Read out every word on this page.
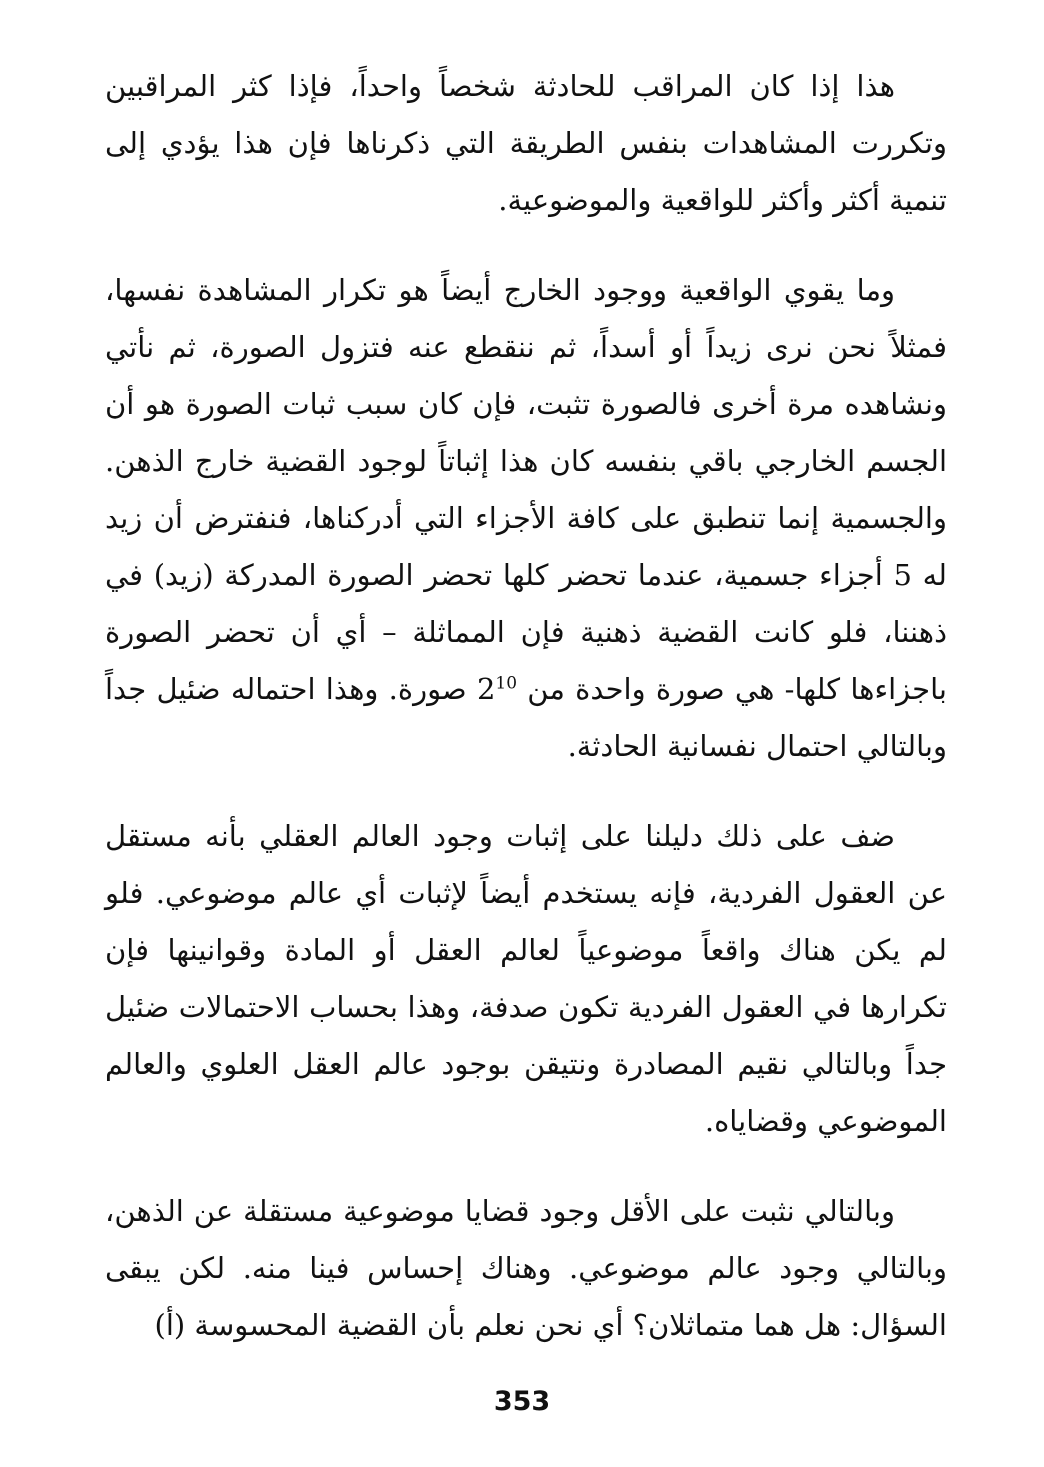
هذا إذا كان المراقب للحادثة شخصاً واحداً، فإذا كثر المراقبين وتكررت المشاهدات بنفس الطريقة التي ذكرناها فإن هذا يؤدي إلى تنمية أكثر وأكثر للواقعية والموضوعية.

وما يقوي الواقعية ووجود الخارج أيضاً هو تكرار المشاهدة نفسها، فمثلاً نحن نرى زيداً أو أسداً، ثم ننقطع عنه فتزول الصورة، ثم نأتي ونشاهده مرة أخرى فالصورة تثبت، فإن كان سبب ثبات الصورة هو أن الجسم الخارجي باقي بنفسه كان هذا إثباتاً لوجود القضية خارج الذهن. والجسمية إنما تنطبق على كافة الأجزاء التي أدركناها، فنفترض أن زيد له 5 أجزاء جسمية، عندما تحضر كلها تحضر الصورة المدركة (زيد) في ذهننا، فلو كانت القضية ذهنية فإن المماثلة – أي أن تحضر الصورة باجزاءها كلها- هي صورة واحدة من $2^{10}$ صورة. وهذا احتماله ضئيل جداً وبالتالي احتمال نفسانية الحادثة.

ضف على ذلك دليلنا على إثبات وجود العالم العقلي بأنه مستقل عن العقول الفردية، فإنه يستخدم أيضاً لإثبات أي عالم موضوعي. فلو لم يكن هناك واقعاً موضوعياً لعالم العقل أو المادة وقوانينها فإن تكرارها في العقول الفردية تكون صدفة، وهذا بحساب الاحتمالات ضئيل جداً وبالتالي نقيم المصادرة ونتيقن بوجود عالم العقل العلوي والعالم الموضوعي وقضاياه.

وبالتالي نثبت على الأقل وجود قضايا موضوعية مستقلة عن الذهن، وبالتالي وجود عالم موضوعي. وهناك إحساس فينا منه. لكن يبقى السؤال: هل هما متماثلان؟ أي نحن نعلم بأن القضية المحسوسة (أ)

353
